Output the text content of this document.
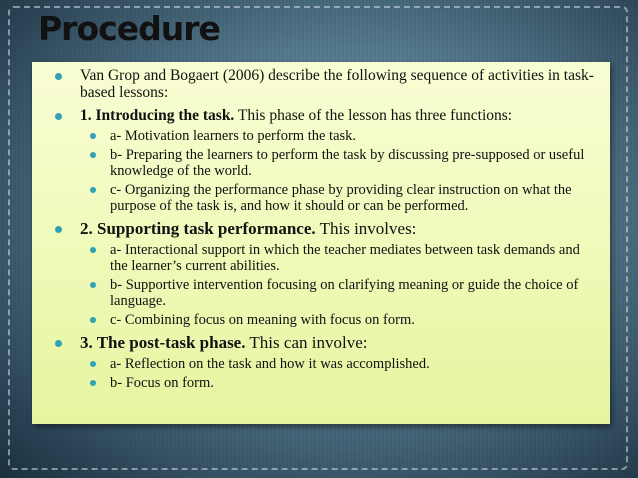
Procedure
Van Grop and Bogaert (2006) describe the following sequence of activities in task-based lessons:
1. Introducing the task. This phase of the lesson has three functions:
a- Motivation learners to perform the task.
b- Preparing the learners to perform the task by discussing pre-supposed or useful knowledge of the world.
c- Organizing the performance phase by providing clear instruction on what the purpose of the task is, and how it should or can be performed.
2. Supporting task performance. This involves:
a- Interactional support in which the teacher mediates between task demands and the learner’s current abilities.
b- Supportive intervention focusing on clarifying meaning or guide the choice of language.
c- Combining focus on meaning with focus on form.
3. The post-task phase. This can involve:
a- Reflection on the task and how it was accomplished.
b- Focus on form.
